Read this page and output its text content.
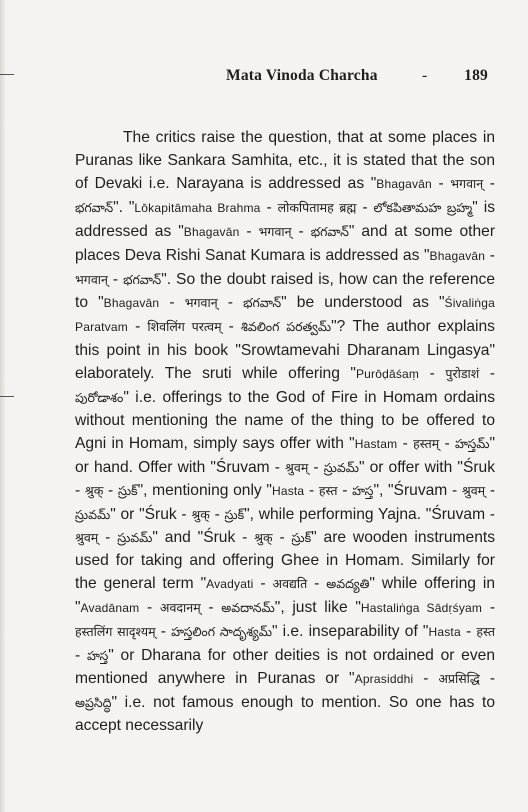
Mata Vinoda Charcha	- 189

The critics raise the question, that at some places in Puranas like Sankara Samhita, etc., it is stated that the son of Devaki i.e. Narayana is addressed as "Bhagavān - भगवान् - భగవాన్". "Lōkapitāmaha Brahma - लोकपितामह ब्रह्म - లోకపితామహ బ్రహ్మ" is addressed as "Bhagavān - भगवान् - భగవాన్" and at some other places Deva Rishi Sanat Kumara is addressed as "Bhagavān - भगवान् - భగవాన్". So the doubt raised is, how can the reference to "Bhagavān - भगवान् - భగవాన్" be understood as "Śivaliṅga Paratvam - शिवलिंग परत्वम् - శివలింగ పరత్వమ్"? The author explains this point in his book "Srowtamevahi Dharanam Lingasya" elaborately. The sruti while offering "Purōḍāśaṃ - पुरोडाशं - పురోడాశం" i.e. offerings to the God of Fire in Homam ordains without mentioning the name of the thing to be offered to Agni in Homam, simply says offer with "Hastam - हस्तम् - హస్తమ్" or hand. Offer with "Śruvam - श्रुवम् - స్రువమ్" or offer with "Śruk - श्रुक् - స్రుక్", mentioning only "Hasta - हस्त - హస్త", "Śruvam - श्रुवम् - స్రువమ్" or "Śruk - श्रुक् - స్రుక్", while performing Yajna. "Śruvam - श्रुवम् - స్రువమ్" and "Śruk - श्रुक् - స్రుక్" are wooden instruments used for taking and offering Ghee in Homam. Similarly for the general term "Avadyati - अवद्यति - అవద్యతి" while offering in "Avadānam - अवदानम् - అవదానమ్", just like "Hastaliṅga Sādṛśyam - हस्तलिंग सादृश्यम् - హస్తలింగ సాదృశ్యమ్" i.e. inseparability of "Hasta - हस्त - హస్త" or Dharana for other deities is not ordained or even mentioned anywhere in Puranas or "Aprasiddhi - अप्रसिद्धि - అప్రసిద్ధి" i.e. not famous enough to mention. So one has to accept necessarily
